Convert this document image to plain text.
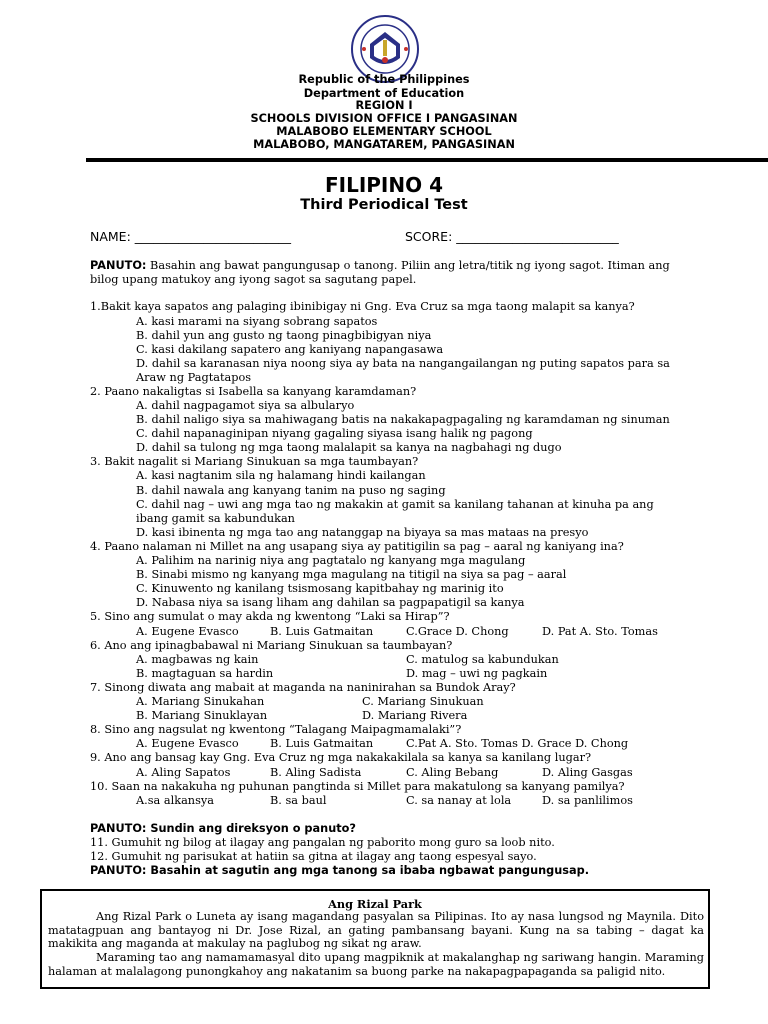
Republic of the Philippines
Department of Education
REGION I
SCHOOLS DIVISION OFFICE I PANGASINAN
MALABOBO ELEMENTARY SCHOOL
MALABOBO, MANGATAREM, PANGASINAN
FILIPINO 4
Third Periodical Test
NAME: _________________________	SCORE: __________________________
PANUTO: Basahin ang bawat pangungusap o tanong. Piliin ang letra/titik ng iyong sagot. Itiman ang bilog upang matukoy ang iyong sagot sa sagutang papel.
1.Bakit kaya sapatos ang palaging ibinibigay ni Gng. Eva Cruz sa mga taong malapit sa kanya?
A. kasi marami na siyang sobrang sapatos
B. dahil yun ang gusto ng taong pinagbibigyan niya
C. kasi dakilang sapatero ang kaniyang napangasawa
D. dahil sa karanasan niya noong siya ay bata na nangangailangan ng puting sapatos para sa
Araw ng Pagtatapos
2. Paano nakaligtas si Isabella sa kanyang karamdaman?
A. dahil nagpagamot siya sa albularyo
B. dahil naligo siya sa mahiwagang batis na nakakapagpagaling ng karamdaman ng sinuman
C. dahil napanaginipan niyang gagaling siyasa isang halik ng pagong
D. dahil sa tulong ng mga taong malalapit sa kanya na nagbahagi ng dugo
3. Bakit nagalit si Mariang Sinukuan sa mga taumbayan?
A. kasi nagtanim sila ng halamang hindi kailangan
B. dahil nawala ang kanyang tanim na puso ng saging
C. dahil nag – uwi ang mga tao ng makakin at gamit sa kanilang tahanan at kinuha pa ang
ibang gamit sa kabundukan
D. kasi ibinenta ng mga tao ang natanggap na biyaya sa mas mataas na presyo
4. Paano nalaman ni Millet na ang usapang siya ay patitigilin sa pag – aaral ng kaniyang ina?
A. Palihim na narinig niya ang pagtatalo ng kanyang mga magulang
B. Sinabi mismo ng kanyang mga magulang na titigil na siya sa pag – aaral
C. Kinuwento ng kanilang tsismosang kapitbahay ng marinig ito
D. Nabasa niya sa isang liham ang dahilan sa pagpapatigil sa kanya
5. Sino ang sumulat o may akda ng kwentong “Laki sa Hirap”?
A. Eugene Evasco	B. Luis Gatmaitan	C.Grace D. Chong	D. Pat A. Sto. Tomas
6. Ano ang ipinagbabawal ni Mariang Sinukuan sa taumbayan?
A. magbawas ng kain	C. matulog sa kabundukan
B. magtaguan sa hardin	D. mag – uwi ng pagkain
7. Sinong diwata ang mabait at maganda na naninirahan sa Bundok Aray?
A. Mariang Sinukahan	C. Mariang Sinukuan
B. Mariang Sinuklayan	D. Mariang Rivera
8. Sino ang nagsulat ng kwentong “Talagang Maipagmamalaki”?
A. Eugene Evasco	B. Luis Gatmaitan	C.Pat A. Sto. Tomas D. Grace D. Chong
9. Ano ang bansag kay Gng. Eva Cruz ng mga nakakakilala sa kanya sa kanilang lugar?
A. Aling Sapatos	B. Aling Sadista	C. Aling Bebang	D. Aling Gasgas
10. Saan na nakakuha ng puhunan pangtinda si Millet para makatulong sa kanyang pamilya?
A.sa alkansya	B. sa baul	C. sa nanay at lola	D. sa panlilimos
PANUTO: Sundin ang direksyon o panuto?
11. Gumuhit ng bilog at ilagay ang pangalan ng paborito mong guro sa loob nito.
12. Gumuhit ng parisukat at hatiin sa gitna at ilagay ang taong espesyal sayo.
PANUTO: Basahin at sagutin ang mga tanong sa ibaba ngbawat pangungusap.
Ang Rizal Park
Ang Rizal Park o Luneta ay isang magandang pasyalan sa Pilipinas. Ito ay nasa lungsod ng Maynila. Dito matatagpuan ang bantayog ni Dr. Jose Rizal, an gating pambansang bayani. Kung na sa tabing – dagat ka makikita ang maganda at makulay na paglubog ng sikat ng araw.
Maraming tao ang namamamasyal dito upang magpiknik at makalanghap ng sariwang hangin. Maraming halaman at malalagong punongkahoy ang nakatanim sa buong parke na nakapagpapaganda sa paligid nito.
